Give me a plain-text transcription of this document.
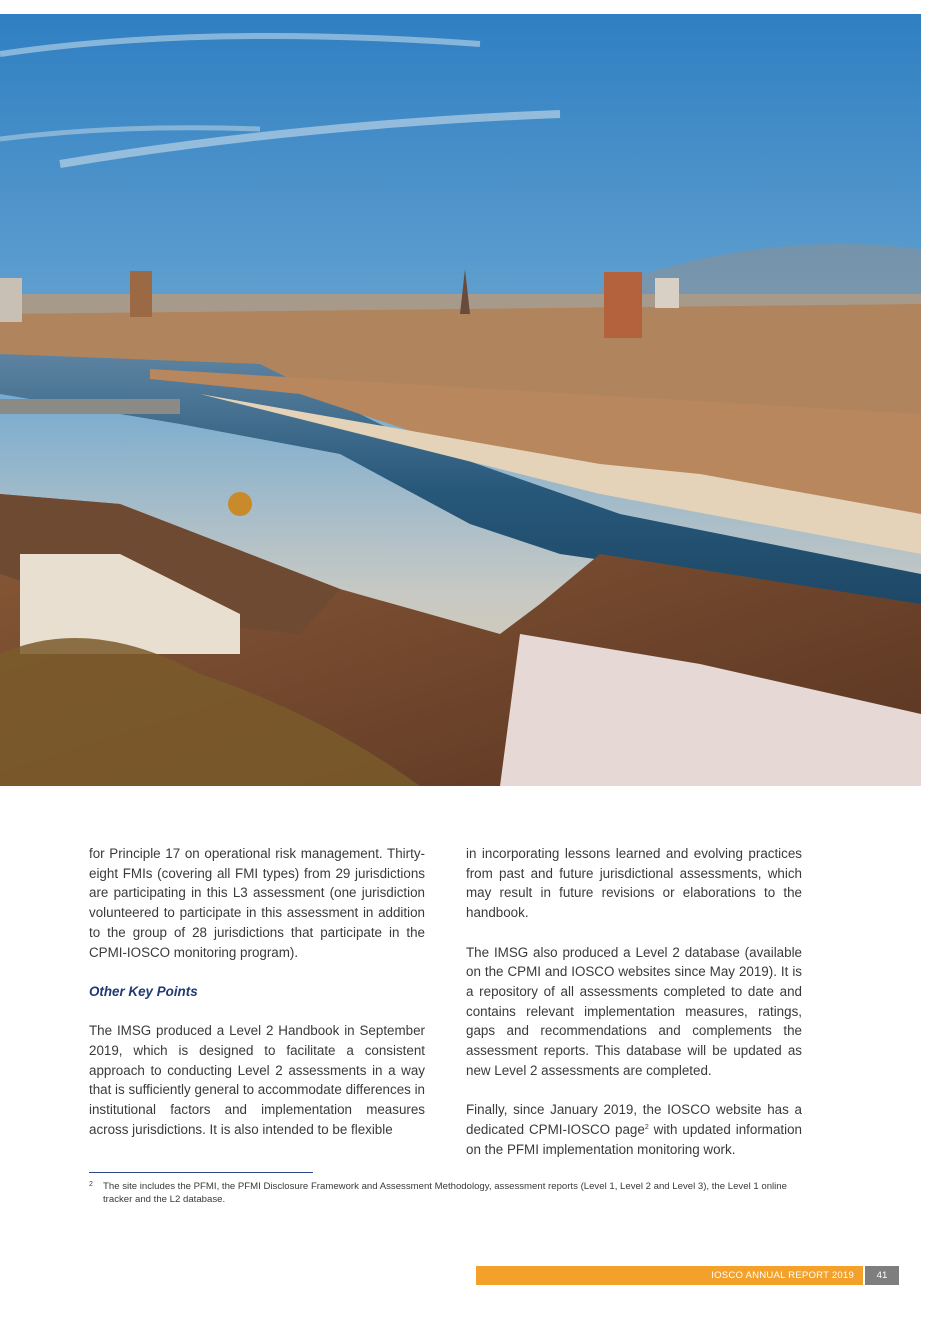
for Principle 17 on operational risk management. Thirty-eight FMIs (covering all FMI types) from 29 jurisdictions are participating in this L3 assessment (one jurisdiction volunteered to participate in this assessment in addition to the group of 28 jurisdictions that participate in the CPMI-IOSCO monitoring program).

Other Key Points

The IMSG produced a Level 2 Handbook in September 2019, which is designed to facilitate a consistent approach to conducting Level 2 assessments in a way that is sufficiently general to accommodate differences in institutional factors and implementation measures across jurisdictions. It is also intended to be flexible

in incorporating lessons learned and evolving practices from past and future jurisdictional assessments, which may result in future revisions or elaborations to the handbook.

The IMSG also produced a Level 2 database (available on the CPMI and IOSCO websites since May 2019). It is a repository of all assessments completed to date and contains relevant implementation measures, ratings, gaps and recommendations and complements the assessment reports. This database will be updated as new Level 2 assessments are completed.

Finally, since January 2019, the IOSCO website has a dedicated CPMI-IOSCO page$^2$ with updated information on the PFMI implementation monitoring work.

2 The site includes the PFMI, the PFMI Disclosure Framework and Assessment Methodology, assessment reports (Level 1, Level 2 and Level 3), the Level 1 online tracker and the L2 database.
IOSCO ANNUAL REPORT 2019	41
